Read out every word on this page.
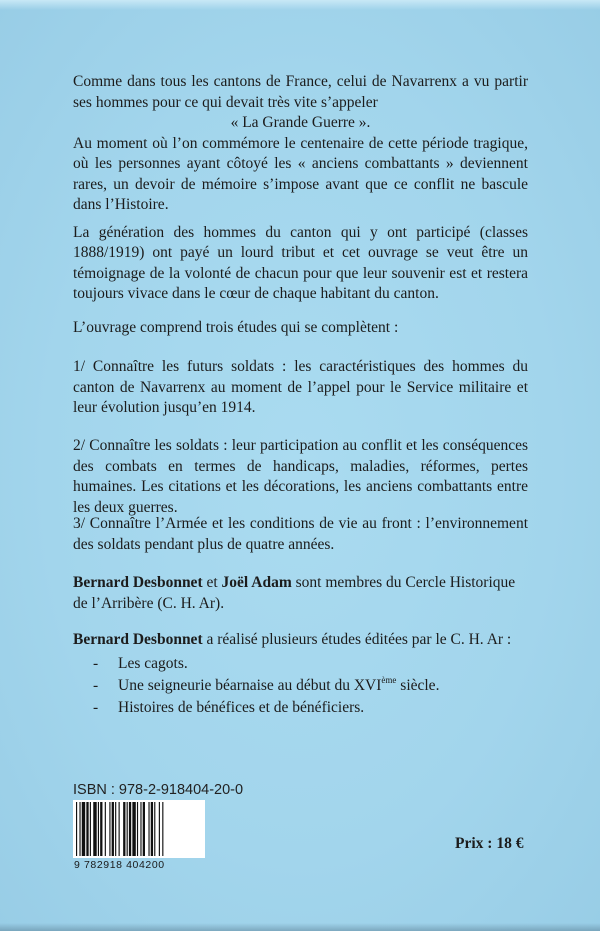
Comme dans tous les cantons de France, celui de Navarrenx a vu partir ses hommes pour ce qui devait très vite s’appeler

« La Grande Guerre ».

Au moment où l’on commémore le centenaire de cette période tragique, où les personnes ayant côtoyé les « anciens combattants » deviennent rares, un devoir de mémoire s’impose avant que ce conflit ne bascule dans l’Histoire.

La génération des hommes du canton qui y ont participé (classes 1888/1919) ont payé un lourd tribut et cet ouvrage se veut être un témoignage de la volonté de chacun pour que leur souvenir est et restera toujours vivace dans le cœur de chaque habitant du canton.

L’ouvrage comprend trois études qui se complètent :
1/ Connaître les futurs soldats : les caractéristiques des hommes du canton de Navarrenx au moment de l’appel pour le Service militaire et leur évolution jusqu’en 1914.
2/ Connaître les soldats : leur participation au conflit et les conséquences des combats en termes de handicaps, maladies, réformes, pertes humaines. Les citations et les décorations, les anciens combattants entre les deux guerres.
3/ Connaître l’Armée et les conditions de vie au front : l’environnement des soldats pendant plus de quatre années.
Bernard Desbonnet et Joël Adam sont membres du Cercle Historique de l’Arribère (C. H. Ar).
Bernard Desbonnet a réalisé plusieurs études éditées par le C. H. Ar :
- Les cagots.
- Une seigneurie béarnaise au début du XVIème siècle.
- Histoires de bénéfices et de bénéficiers.
ISBN : 978-2-918404-20-0
9 782918 404200
Prix : 18 €
